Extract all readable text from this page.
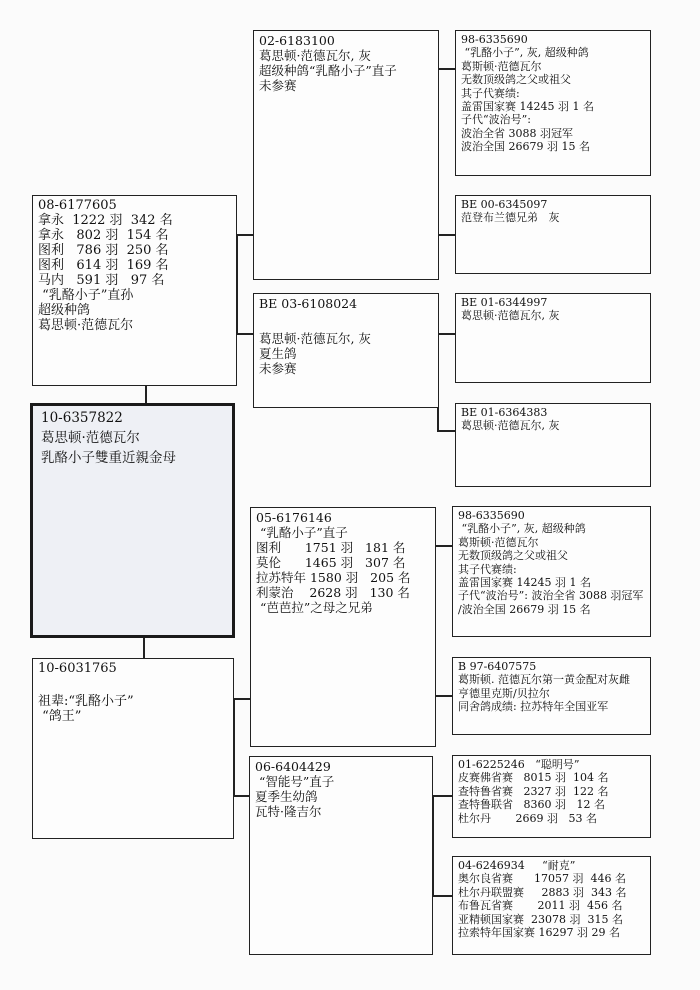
08-6177605
拿永  1222 羽  342 名
拿永   802 羽  154 名
图利   786 羽  250 名
图利   614 羽  169 名
马内   591 羽   97 名
“乳酪小子”直孙
超级种鸽
葛思顿·范德瓦尔
10-6357822
葛思顿·范德瓦尔
乳酪小子雙重近親金母
10-6031765
祖辈:“乳酪小子”
“鸽王”
02-6183100
葛思顿·范德瓦尔, 灰
超级种鸽“乳酪小子”直子
未参赛
BE 03-6108024
葛思顿·范德瓦尔, 灰
夏生鸽
未参赛
05-6176146
“乳酪小子”直子
图利      1751 羽   181 名
莫伦      1465 羽   307 名
拉苏特年 1580 羽   205 名
利蒙治    2628 羽   130 名
“芭芭拉”之母之兄弟
06-6404429
“智能号”直子
夏季生幼鸽
瓦特·隆吉尔
98-6335690
“乳酪小子”, 灰, 超级种鸽
葛斯顿·范德瓦尔
无数顶级鸽之父或祖父
其子代赛绩:
盖雷国家赛 14245 羽 1 名
子代“波治号”:
波治全省 3088 羽冠军
波治全国 26679 羽 15 名
BE 00-6345097
范登布兰德兄弟   灰
BE 01-6344997
葛思顿·范德瓦尔, 灰
BE 01-6364383
葛思顿·范德瓦尔, 灰
98-6335690
“乳酪小子”, 灰, 超级种鸽
葛斯顿·范德瓦尔
无数顶级鸽之父或祖父
其子代赛绩:
盖雷国家赛 14245 羽 1 名
子代“波治号”: 波治全省 3088 羽冠军
/波治全国 26679 羽 15 名
B 97-6407575
葛斯顿. 范德瓦尔第一黄金配对灰雌
亨德里克斯/贝拉尔
同舍鸽成绩: 拉苏特年全国亚军
01-6225246   “聪明号”
皮赛佛省赛   8015 羽  104 名
查特鲁省赛   2327 羽  122 名
查特鲁联省   8360 羽   12 名
杜尔丹       2669 羽   53 名
04-6246934     “耐克”
奥尔良省赛      17057 羽  446 名
杜尔丹联盟赛     2883 羽  343 名
布鲁瓦省赛       2011 羽  456 名
亚精顿国家赛  23078 羽  315 名
拉索特年国家赛 16297 羽 29 名
